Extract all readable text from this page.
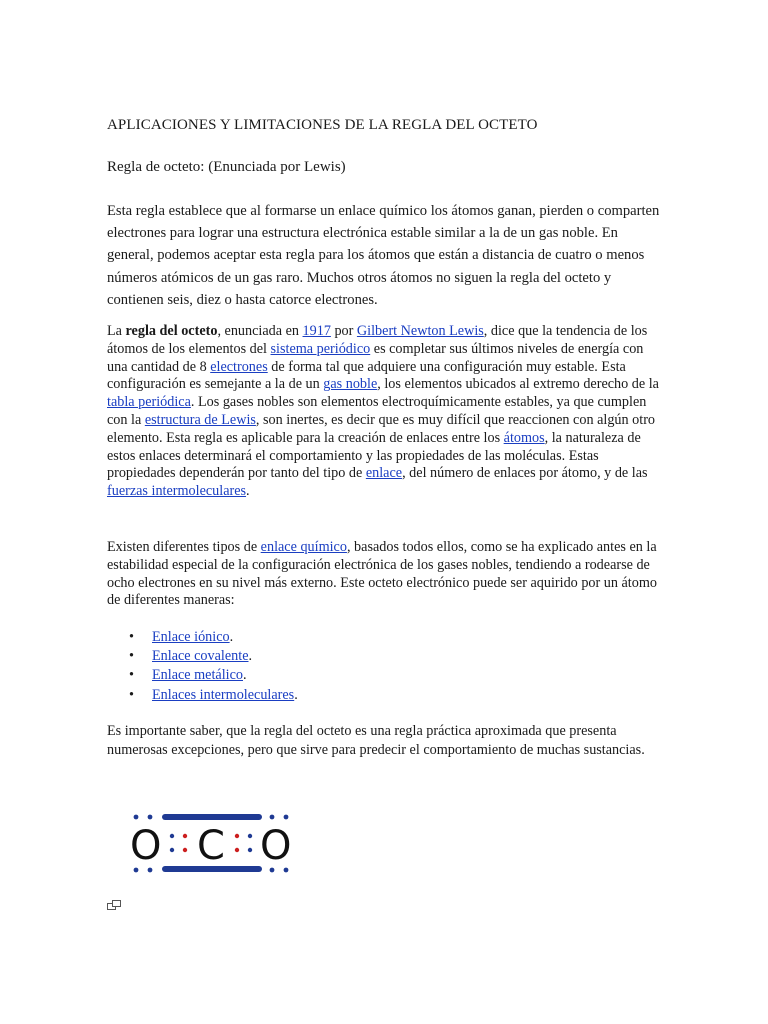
APLICACIONES Y LIMITACIONES DE LA REGLA DEL OCTETO
Regla de octeto: (Enunciada por Lewis)

Esta regla establece que al formarse un enlace químico los átomos ganan, pierden o comparten electrones para lograr una estructura electrónica estable similar a la de un gas noble. En general, podemos aceptar esta regla para los átomos que están a distancia de cuatro o menos números atómicos de un gas raro. Muchos otros átomos no siguen la regla del octeto y contienen seis, diez o hasta catorce electrones.

La regla del octeto, enunciada en 1917 por Gilbert Newton Lewis, dice que la tendencia de los átomos de los elementos del sistema periódico es completar sus últimos niveles de energía con una cantidad de 8 electrones de forma tal que adquiere una configuración muy estable. Esta configuración es semejante a la de un gas noble, los elementos ubicados al extremo derecho de la tabla periódica. Los gases nobles son elementos electroquímicamente estables, ya que cumplen con la estructura de Lewis, son inertes, es decir que es muy difícil que reaccionen con algún otro elemento. Esta regla es aplicable para la creación de enlaces entre los átomos, la naturaleza de estos enlaces determinará el comportamiento y las propiedades de las moléculas. Estas propiedades dependerán por tanto del tipo de enlace, del número de enlaces por átomo, y de las fuerzas intermoleculares.

Existen diferentes tipos de enlace químico, basados todos ellos, como se ha explicado antes en la estabilidad especial de la configuración electrónica de los gases nobles, tendiendo a rodearse de ocho electrones en su nivel más externo. Este octeto electrónico puede ser aquirido por un átomo de diferentes maneras:

• Enlace iónico.
• Enlace covalente.
• Enlace metálico.
• Enlaces intermoleculares.

Es importante saber, que la regla del octeto es una regla práctica aproximada que presenta numerosas excepciones, pero que sirve para predecir el comportamiento de muchas sustancias.

O C O
